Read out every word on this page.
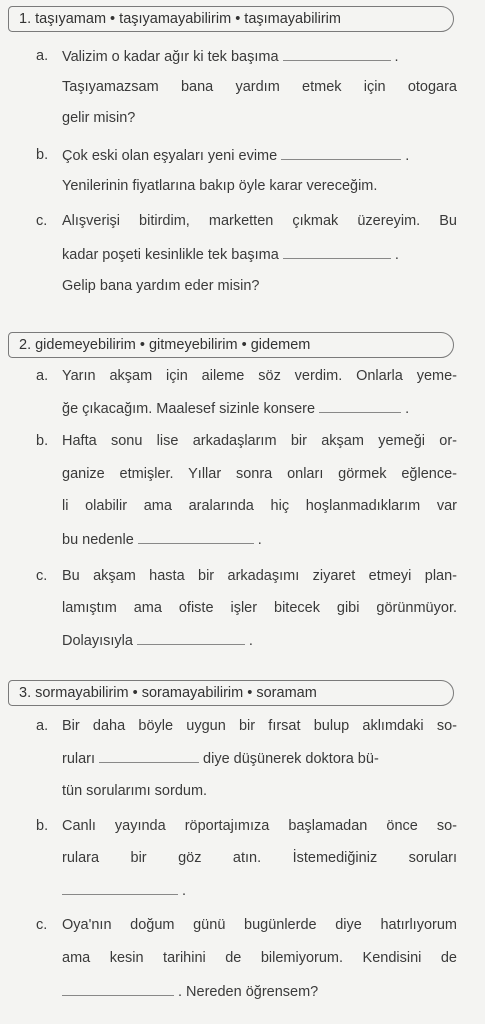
1. taşıyamam • taşıyamayabilirim • taşımayabilirim
a. Valizim o kadar ağır ki tek başıma	.
Taşıyamazsam bana yardım etmek için otogara
gelir misin?
b. Çok eski olan eşyaları yeni evime	.
Yenilerinin fiyatlarına bakıp öyle karar vereceğim.
c. Alışverişi bitirdim, marketten çıkmak üzereyim. Bu
kadar poşeti kesinlikle tek başıma	.
Gelip bana yardım eder misin?
2. gidemeyebilirim • gitmeyebilirim • gidemem
a. Yarın akşam için aileme söz verdim. Onlarla yeme-
ğe çıkacağım. Maalesef sizinle konsere	.
b. Hafta sonu lise arkadaşlarım bir akşam yemeği or-
ganize etmişler. Yıllar sonra onları görmek eğlence-
li olabilir ama aralarında hiç hoşlanmadıklarım var
bu nedenle	.
c. Bu akşam hasta bir arkadaşımı ziyaret etmeyi plan-
lamıştım ama ofiste işler bitecek gibi görünmüyor.
Dolayısıyla	.
3. sormayabilirim • soramayabilirim • soramam
a. Bir daha böyle uygun bir fırsat bulup aklımdaki so-
ruları	diye düşünerek doktora bü-
tün sorularımı sordum.
b. Canlı yayında röportajımıza başlamadan önce so-
rulara bir göz atın. İstemediğiniz soruları
.
c. Oya'nın doğum günü bugünlerde diye hatırlıyorum
ama kesin tarihini de bilemiyorum. Kendisini de
. Nereden öğrensem?
